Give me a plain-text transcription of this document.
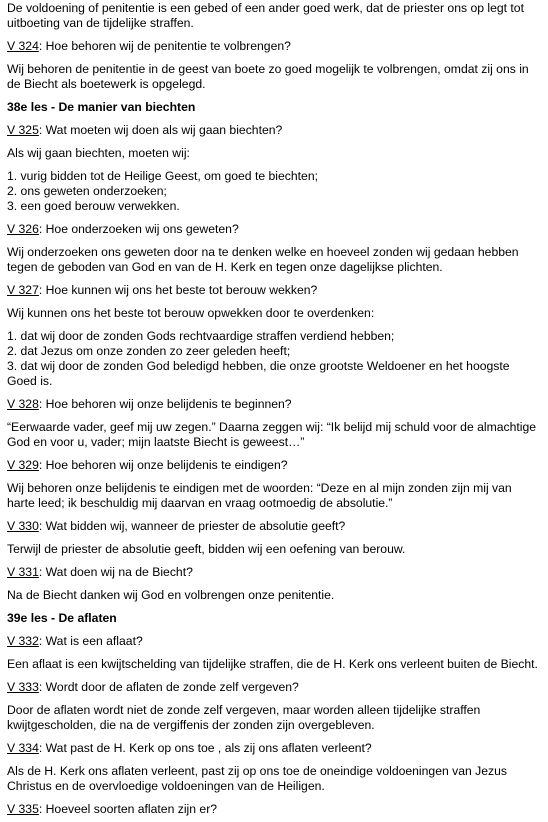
De voldoening of penitentie is een gebed of een ander goed werk, dat de priester ons op legt tot uitboeting van de tijdelijke straffen.

V 324: Hoe behoren wij de penitentie te volbrengen?

Wij behoren de penitentie in de geest van boete zo goed mogelijk te volbrengen, omdat zij ons in de Biecht als boetewerk is opgelegd.

38e les - De manier van biechten
V 325: Wat moeten wij doen als wij gaan biechten?

Als wij gaan biechten, moeten wij:

1. vurig bidden tot de Heilige Geest, om goed te biechten;
2. ons geweten onderzoeken;
3. een goed berouw verwekken.
V 326: Hoe onderzoeken wij ons geweten?

Wij onderzoeken ons geweten door na te denken welke en hoeveel zonden wij gedaan hebben tegen de geboden van God en van de H. Kerk en tegen onze dagelijkse plichten.

V 327: Hoe kunnen wij ons het beste tot berouw wekken?

Wij kunnen ons het beste tot berouw opwekken door te overdenken:

1. dat wij door de zonden Gods rechtvaardige straffen verdiend hebben;
2. dat Jezus om onze zonden zo zeer geleden heeft;
3. dat wij door de zonden God beledigd hebben, die onze grootste Weldoener en het hoogste Goed is.
V 328: Hoe behoren wij onze belijdenis te beginnen?

“Eerwaarde vader, geef mij uw zegen.” Daarna zeggen wij: “Ik belijd mij schuld voor de almachtige God en voor u, vader; mijn laatste Biecht is geweest…”

V 329: Hoe behoren wij onze belijdenis te eindigen?

Wij behoren onze belijdenis te eindigen met de woorden: “Deze en al mijn zonden zijn mij van harte leed; ik beschuldig mij daarvan en vraag ootmoedig de absolutie.”

V 330: Wat bidden wij, wanneer de priester de absolutie geeft?

Terwijl de priester de absolutie geeft, bidden wij een oefening van berouw.

V 331: Wat doen wij na de Biecht?

Na de Biecht danken wij God en volbrengen onze penitentie.

39e les - De aflaten
V 332: Wat is een aflaat?

Een aflaat is een kwijtschelding van tijdelijke straffen, die de H. Kerk ons verleent buiten de Biecht.

V 333: Wordt door de aflaten de zonde zelf vergeven?

Door de aflaten wordt niet de zonde zelf vergeven, maar worden alleen tijdelijke straffen kwijtgescholden, die na de vergiffenis der zonden zijn overgebleven.

V 334: Wat past de H. Kerk op ons toe , als zij ons aflaten verleent?

Als de H. Kerk ons aflaten verleent, past zij op ons toe de oneindige voldoeningen van Jezus Christus en de overvloedige voldoeningen van de Heiligen.

V 335: Hoeveel soorten aflaten zijn er?
